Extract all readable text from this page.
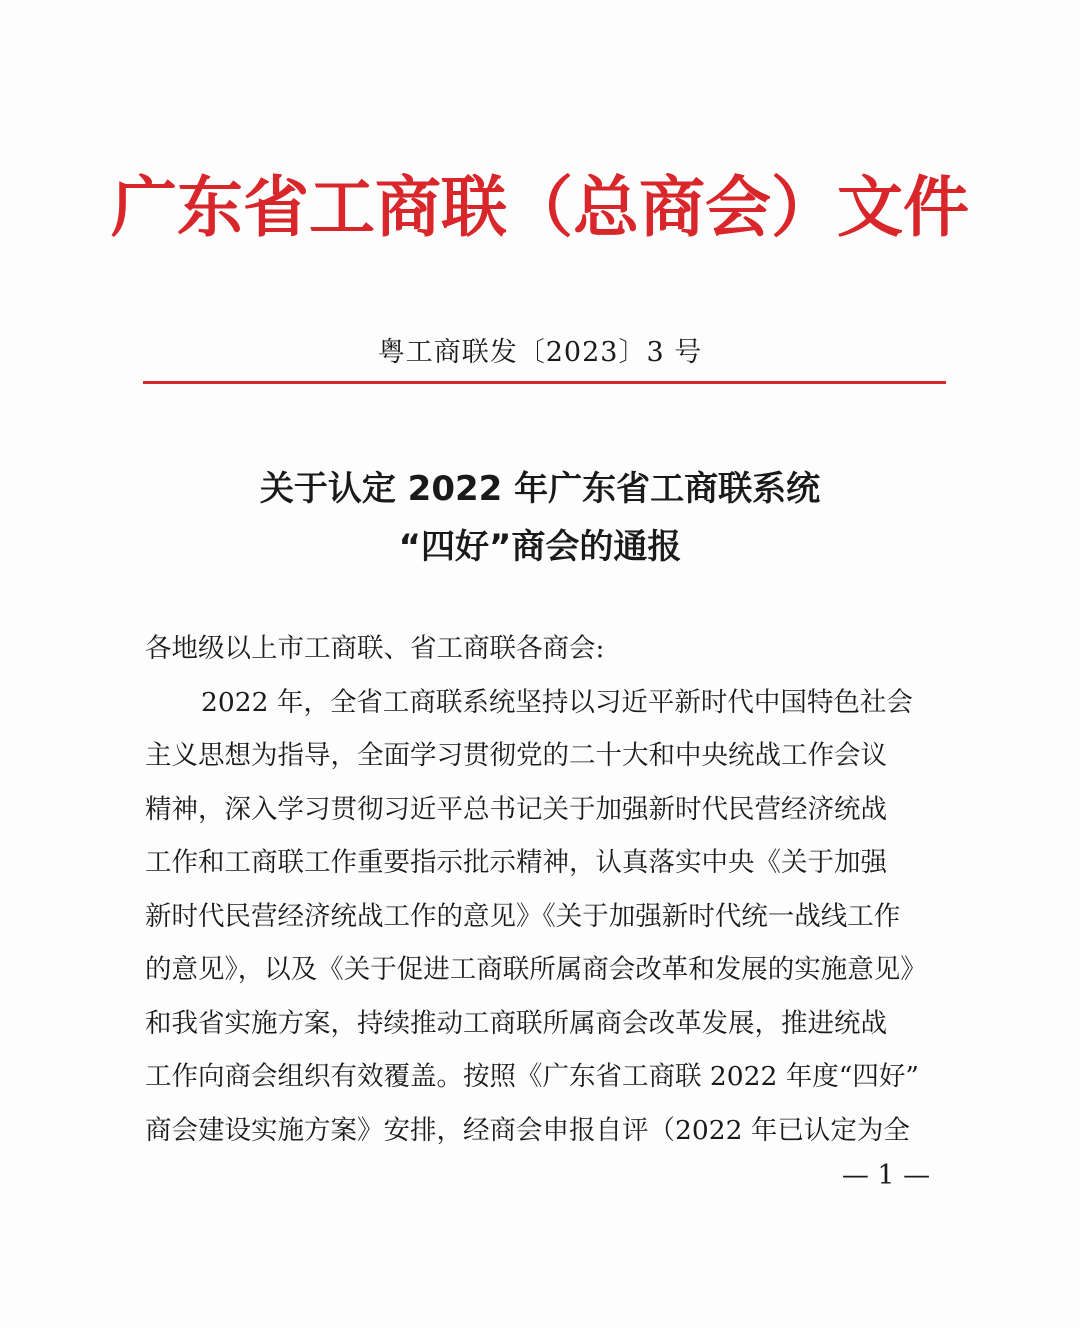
广东省工商联（总商会）文件
粤工商联发〔2023〕3 号
关于认定 2022 年广东省工商联系统
“四好”商会的通报
各地级以上市工商联、省工商联各商会:
2022 年，全省工商联系统坚持以习近平新时代中国特色社会
主义思想为指导，全面学习贯彻党的二十大和中央统战工作会议
精神，深入学习贯彻习近平总书记关于加强新时代民营经济统战
工作和工商联工作重要指示批示精神，认真落实中央《关于加强
新时代民营经济统战工作的意见》《关于加强新时代统一战线工作
的意见》，以及《关于促进工商联所属商会改革和发展的实施意见》
和我省实施方案，持续推动工商联所属商会改革发展，推进统战
工作向商会组织有效覆盖。按照《广东省工商联 2022 年度“四好”
商会建设实施方案》安排，经商会申报自评（2022 年已认定为全
— 1 —
